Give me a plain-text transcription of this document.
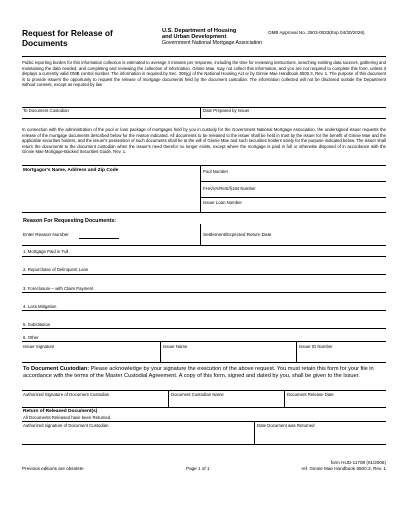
Request for Release of
Documents
U.S. Department of Housing
and Urban Development
Government National Mortgage Association
OMB Approval No. 2503-0033(Exp.04/30/2026)
Public reporting burden for this information collection is estimated to average 3 minutes per response, including the time for reviewing instructions, searching existing data sources, gathering and maintaining the data needed, and completing and reviewing the collection of information. Ginnie Mae, may not collect this information, and you are not required to complete this form, unless it displays a currently valid OMB control number. The information is required by Sec. 306(g) of the National Housing Act or by Ginnie Mae Handbook 5500.3, Rev. 1. The purpose of this document is to provide issuers the opportunity to request the release of mortgage documents held by the document custodian. The information collected will not be disclosed outside the Department without consent, except as required by law
To Document Custodian	Date Prepared by Issuer
In connection with the administration of the pool or loan package of mortgages held by you in custody for the Government National Mortgage Association, the undersigned issuer requests the release of the mortgage documents described below for the reason indicated. All documents to be released to the issuer shall be held in trust by the issuer for the benefit of Ginnie Mae and the applicable securities holders, and the issuer's possession of such documents shall be at the will of Ginnie Mae and such securities holders solely for the purpose indicated below. The issuer shall return the documents to the document custodian when the issuer's need therefor no longer exists, except where the mortgage is paid in full or otherwise disposed of in accordance with the Ginnie Mae Mortgage-Backed Securities Guide, Rev. 1.
Mortgagor's Name, Address and Zip Code	Pool Number
FHA/VA/RHS/§184 Number
Issuer Loan Number
Reason For Requesting Documents:
Enter Reason Number	Settlement/Expected Return Date
1. Mortgage Paid in Full
2. Repurchase of Delinquent Loan
3. Foreclosure – with Claim Payment
4. Loss Mitigation
5. Substitution
6. Other
Issuer Signature	Issuer Name	Issuer ID Number
To Document Custodian: Please acknowledge by your signature the execution of the above request. You must retain this form for your file in accordance with the terms of the Master Custodial Agreement. A copy of this form, signed and dated by you, shall be given to the Issuer.
Authorized Signature of Document Custodian	Document Custodian Name	Document Release Date
Return of Released Document(s)
All Documents Released have been Returned.
Authorized signature of Document Custodian	Date Document was Returned
Previous editions are obsolete	Page 1 of 1
form HUD-11708 (01/2006)
ref. Ginnie Mae Handbook 5500.3, Rev. 1
